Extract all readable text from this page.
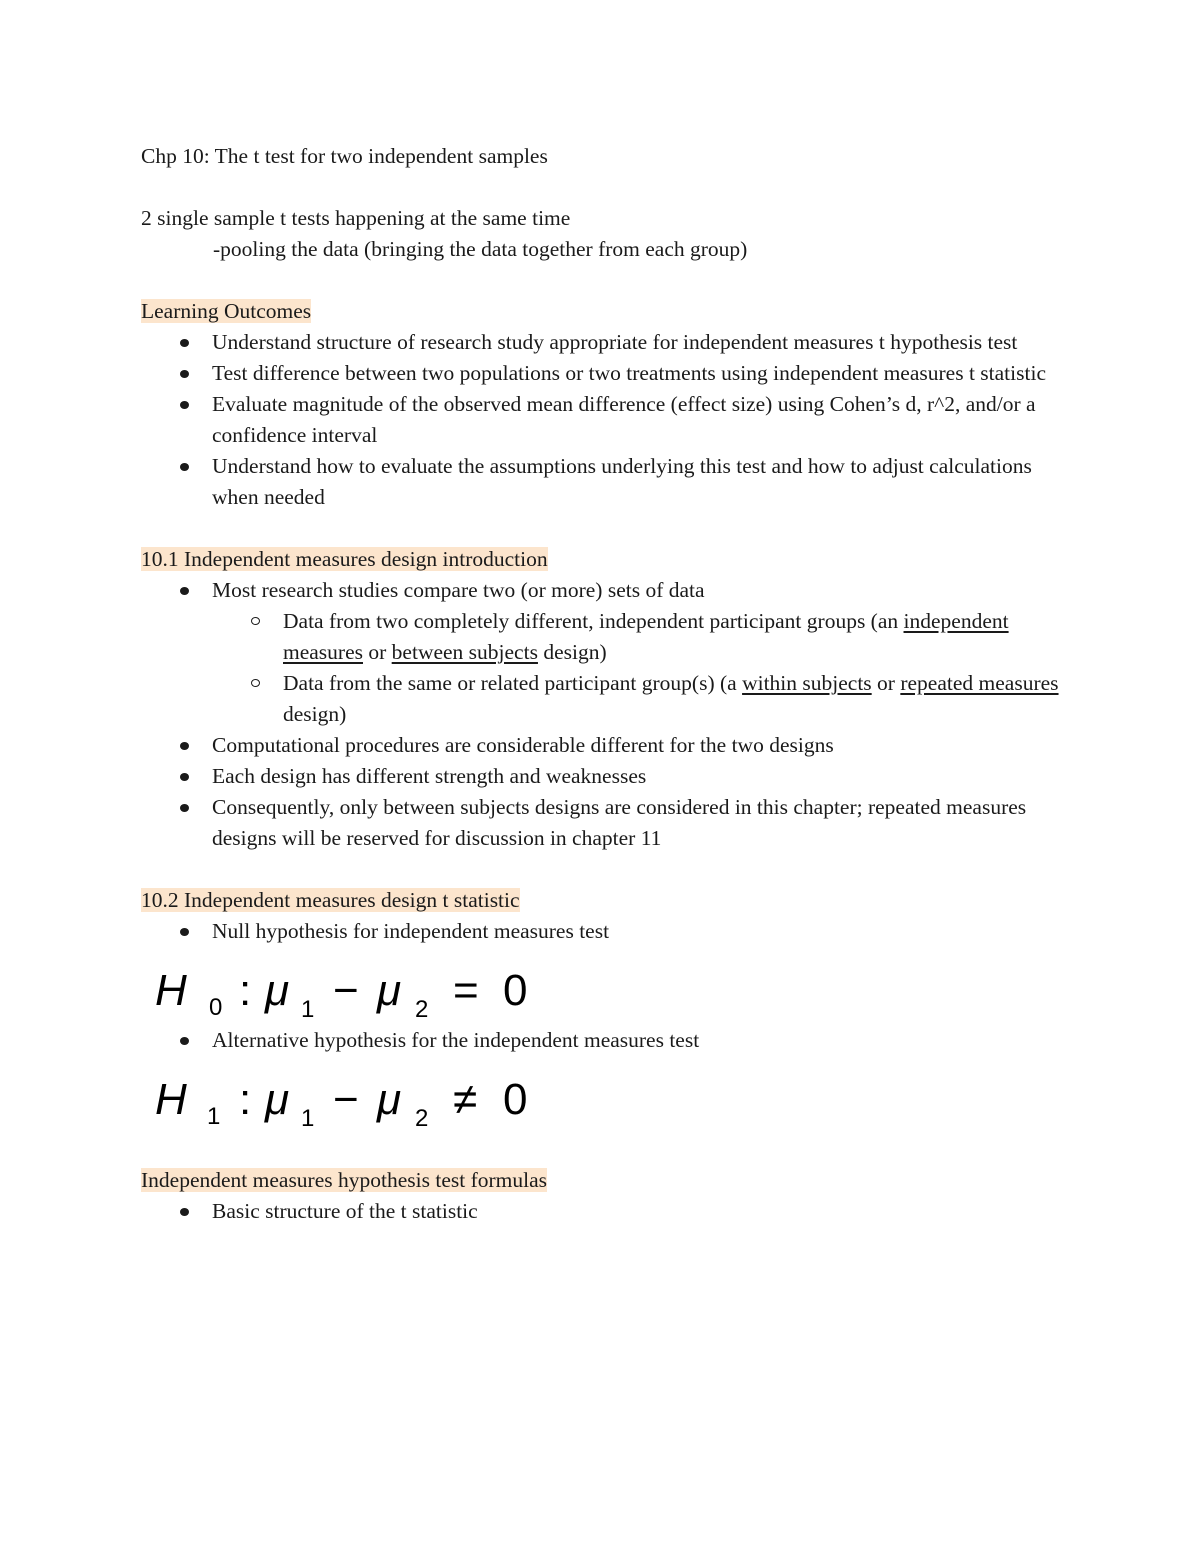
Chp 10: The t test for two independent samples
2 single sample t tests happening at the same time
-pooling the data (bringing the data together from each group)
Learning Outcomes
Understand structure of research study appropriate for independent measures t hypothesis test
Test difference between two populations or two treatments using independent measures t statistic
Evaluate magnitude of the observed mean difference (effect size) using Cohen’s d, r^2, and/or a confidence interval
Understand how to evaluate the assumptions underlying this test and how to adjust calculations when needed
10.1 Independent measures design introduction
Most research studies compare two (or more) sets of data
Data from two completely different, independent participant groups (an independent measures or between subjects design)
Data from the same or related participant group(s) (a within subjects or repeated measures design)
Computational procedures are considerable different for the two designs
Each design has different strength and weaknesses
Consequently, only between subjects designs are considered in this chapter; repeated measures designs will be reserved for discussion in chapter 11
10.2 Independent measures design t statistic
Null hypothesis for independent measures test
H 0 : μ 1 − μ 2 = 0
Alternative hypothesis for the independent measures test
H 1 : μ 1 − μ 2 ≠ 0
Independent measures hypothesis test formulas
Basic structure of the t statistic
